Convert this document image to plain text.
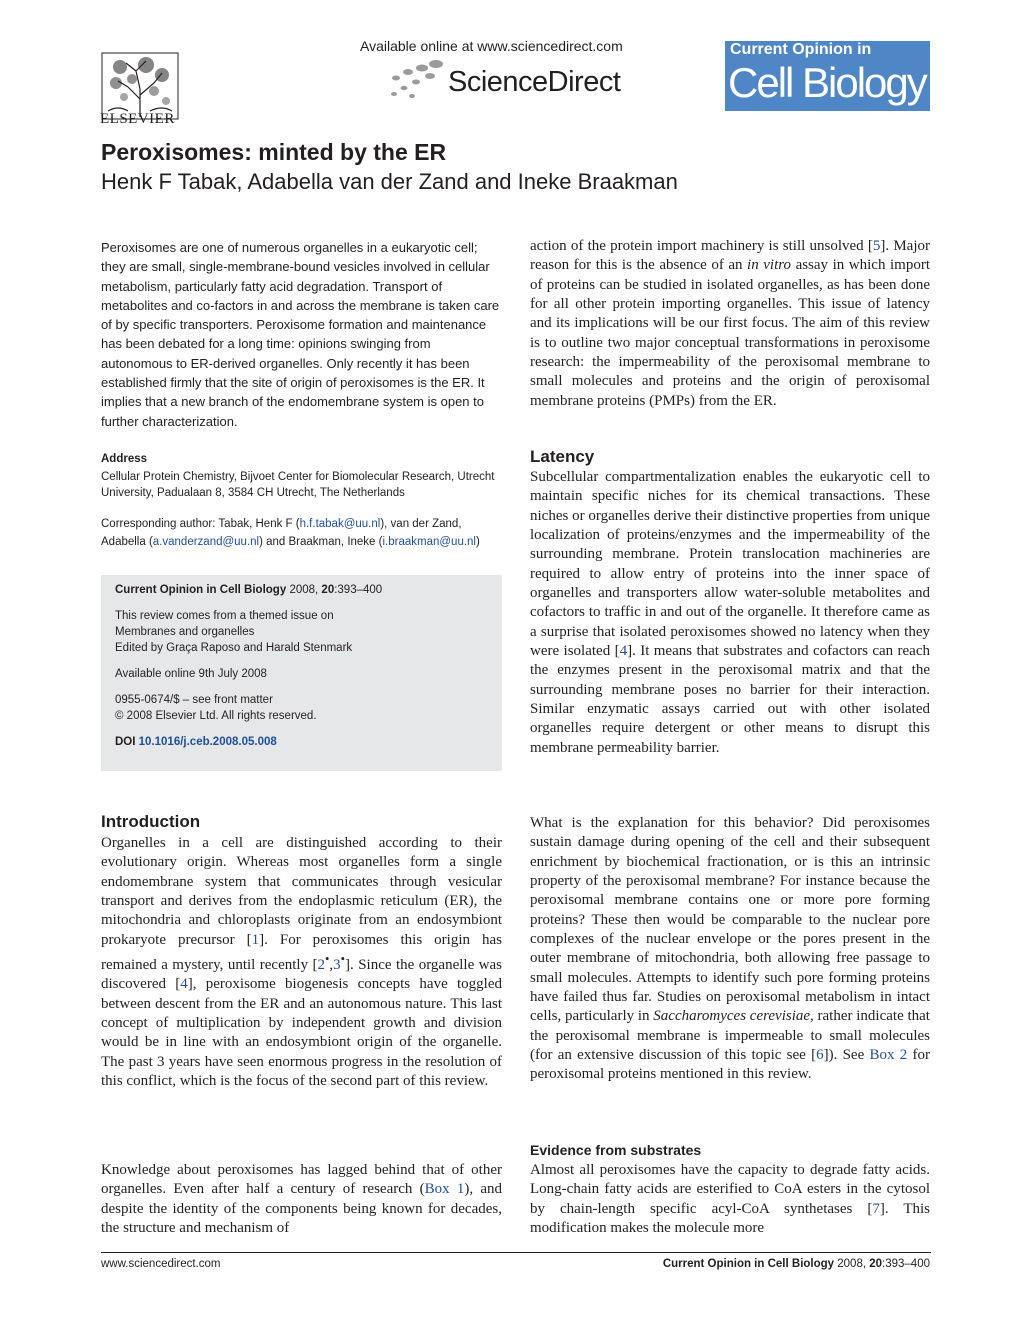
ELSEVIER
Available online at www.sciencedirect.com
ScienceDirect
Current Opinion in
Cell Biology
Peroxisomes: minted by the ER
Henk F Tabak, Adabella van der Zand and Ineke Braakman
Peroxisomes are one of numerous organelles in a eukaryotic cell; they are small, single-membrane-bound vesicles involved in cellular metabolism, particularly fatty acid degradation. Transport of metabolites and co-factors in and across the membrane is taken care of by specific transporters. Peroxisome formation and maintenance has been debated for a long time: opinions swinging from autonomous to ER-derived organelles. Only recently it has been established firmly that the site of origin of peroxisomes is the ER. It implies that a new branch of the endomembrane system is open to further characterization.
Address
Cellular Protein Chemistry, Bijvoet Center for Biomolecular Research, Utrecht University, Padualaan 8, 3584 CH Utrecht, The Netherlands
Corresponding author: Tabak, Henk F (h.f.tabak@uu.nl), van der Zand, Adabella (a.vanderzand@uu.nl) and Braakman, Ineke (i.braakman@uu.nl)

Current Opinion in Cell Biology 2008, 20:393–400

This review comes from a themed issue on
Membranes and organelles
Edited by Graça Raposo and Harald Stenmark

Available online 9th July 2008

0955-0674/$ – see front matter
© 2008 Elsevier Ltd. All rights reserved.

DOI 10.1016/j.ceb.2008.05.008

Introduction
Organelles in a cell are distinguished according to their evolutionary origin. Whereas most organelles form a single endomembrane system that communicates through vesicular transport and derives from the endoplasmic reticulum (ER), the mitochondria and chloroplasts originate from an endosymbiont prokaryote precursor [1]. For peroxisomes this origin has remained a mystery, until recently [2•,3•]. Since the organelle was discovered [4], peroxisome biogenesis concepts have toggled between descent from the ER and an autonomous nature. This last concept of multiplication by independent growth and division would be in line with an endosymbiont origin of the organelle. The past 3 years have seen enormous progress in the resolution of this conflict, which is the focus of the second part of this review.
Knowledge about peroxisomes has lagged behind that of other organelles. Even after half a century of research (Box 1), and despite the identity of the components being known for decades, the structure and mechanism of
action of the protein import machinery is still unsolved [5]. Major reason for this is the absence of an in vitro assay in which import of proteins can be studied in isolated organelles, as has been done for all other protein importing organelles. This issue of latency and its implications will be our first focus. The aim of this review is to outline two major conceptual transformations in peroxisome research: the impermeability of the peroxisomal membrane to small molecules and proteins and the origin of peroxisomal membrane proteins (PMPs) from the ER.
Latency
Subcellular compartmentalization enables the eukaryotic cell to maintain specific niches for its chemical transactions. These niches or organelles derive their distinctive properties from unique localization of proteins/enzymes and the impermeability of the surrounding membrane. Protein translocation machineries are required to allow entry of proteins into the inner space of organelles and transporters allow water-soluble metabolites and cofactors to traffic in and out of the organelle. It therefore came as a surprise that isolated peroxisomes showed no latency when they were isolated [4]. It means that substrates and cofactors can reach the enzymes present in the peroxisomal matrix and that the surrounding membrane poses no barrier for their interaction. Similar enzymatic assays carried out with other isolated organelles require detergent or other means to disrupt this membrane permeability barrier.
What is the explanation for this behavior? Did peroxisomes sustain damage during opening of the cell and their subsequent enrichment by biochemical fractionation, or is this an intrinsic property of the peroxisomal membrane? For instance because the peroxisomal membrane contains one or more pore forming proteins? These then would be comparable to the nuclear pore complexes of the nuclear envelope or the pores present in the outer membrane of mitochondria, both allowing free passage to small molecules. Attempts to identify such pore forming proteins have failed thus far. Studies on peroxisomal metabolism in intact cells, particularly in Saccharomyces cerevisiae, rather indicate that the peroxisomal membrane is impermeable to small molecules (for an extensive discussion of this topic see [6]). See Box 2 for peroxisomal proteins mentioned in this review.
Evidence from substrates
Almost all peroxisomes have the capacity to degrade fatty acids. Long-chain fatty acids are esterified to CoA esters in the cytosol by chain-length specific acyl-CoA synthetases [7]. This modification makes the molecule more
www.sciencedirect.com	Current Opinion in Cell Biology 2008, 20:393–400
